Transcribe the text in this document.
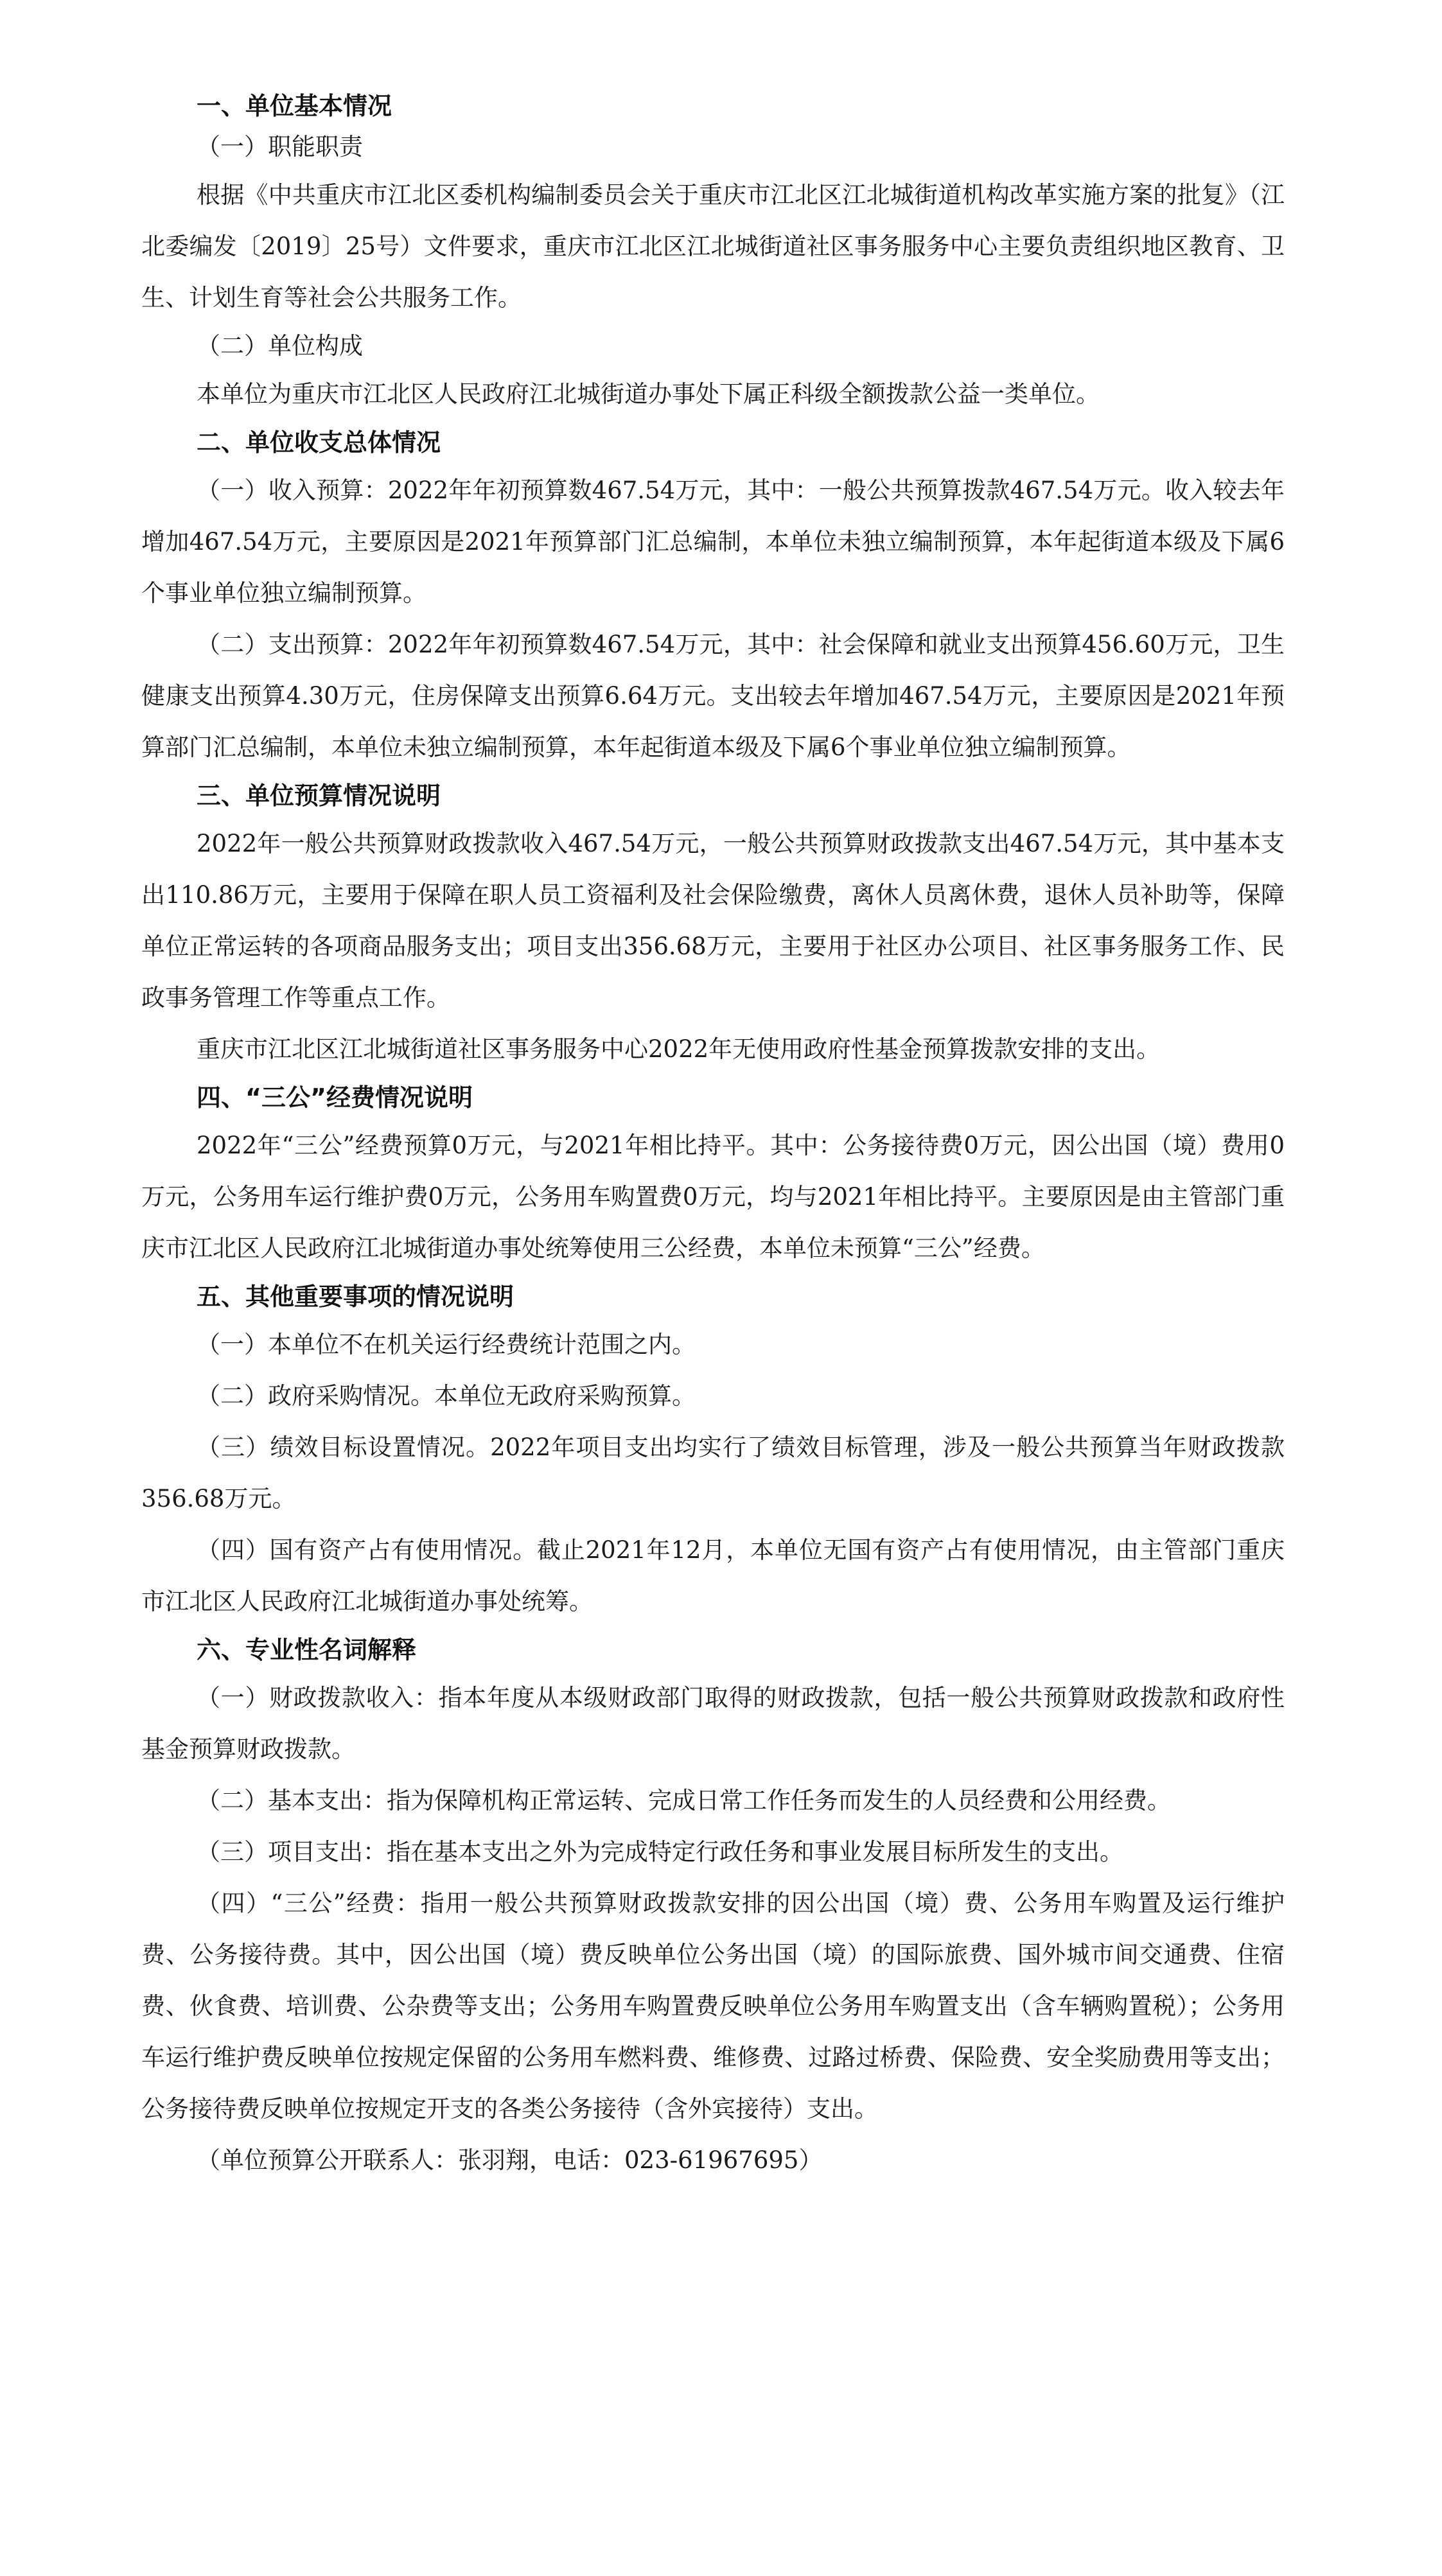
一、单位基本情况
（一）职能职责

根据《中共重庆市江北区委机构编制委员会关于重庆市江北区江北城街道机构改革实施方案的批复》（江北委编发〔2019〕25号）文件要求，重庆市江北区江北城街道社区事务服务中心主要负责组织地区教育、卫生、计划生育等社会公共服务工作。

（二）单位构成

本单位为重庆市江北区人民政府江北城街道办事处下属正科级全额拨款公益一类单位。

二、单位收支总体情况

（一）收入预算：2022年年初预算数467.54万元，其中：一般公共预算拨款467.54万元。收入较去年增加467.54万元，主要原因是2021年预算部门汇总编制，本单位未独立编制预算，本年起街道本级及下属6个事业单位独立编制预算。

（二）支出预算：2022年年初预算数467.54万元，其中：社会保障和就业支出预算456.60万元，卫生健康支出预算4.30万元，住房保障支出预算6.64万元。支出较去年增加467.54万元，主要原因是2021年预算部门汇总编制，本单位未独立编制预算，本年起街道本级及下属6个事业单位独立编制预算。

三、单位预算情况说明

2022年一般公共预算财政拨款收入467.54万元，一般公共预算财政拨款支出467.54万元，其中基本支出110.86万元，主要用于保障在职人员工资福利及社会保险缴费，离休人员离休费，退休人员补助等，保障单位正常运转的各项商品服务支出；项目支出356.68万元，主要用于社区办公项目、社区事务服务工作、民政事务管理工作等重点工作。

重庆市江北区江北城街道社区事务服务中心2022年无使用政府性基金预算拨款安排的支出。

四、“三公”经费情况说明

2022年“三公”经费预算0万元，与2021年相比持平。其中：公务接待费0万元，因公出国（境）费用0万元，公务用车运行维护费0万元，公务用车购置费0万元，均与2021年相比持平。主要原因是由主管部门重庆市江北区人民政府江北城街道办事处统筹使用三公经费，本单位未预算“三公”经费。

五、其他重要事项的情况说明

（一）本单位不在机关运行经费统计范围之内。

（二）政府采购情况。本单位无政府采购预算。

（三）绩效目标设置情况。2022年项目支出均实行了绩效目标管理，涉及一般公共预算当年财政拨款356.68万元。

（四）国有资产占有使用情况。截止2021年12月，本单位无国有资产占有使用情况，由主管部门重庆市江北区人民政府江北城街道办事处统筹。

六、专业性名词解释

（一）财政拨款收入：指本年度从本级财政部门取得的财政拨款，包括一般公共预算财政拨款和政府性基金预算财政拨款。

（二）基本支出：指为保障机构正常运转、完成日常工作任务而发生的人员经费和公用经费。

（三）项目支出：指在基本支出之外为完成特定行政任务和事业发展目标所发生的支出。

（四）“三公”经费：指用一般公共预算财政拨款安排的因公出国（境）费、公务用车购置及运行维护费、公务接待费。其中，因公出国（境）费反映单位公务出国（境）的国际旅费、国外城市间交通费、住宿费、伙食费、培训费、公杂费等支出；公务用车购置费反映单位公务用车购置支出（含车辆购置税）；公务用车运行维护费反映单位按规定保留的公务用车燃料费、维修费、过路过桥费、保险费、安全奖励费用等支出；公务接待费反映单位按规定开支的各类公务接待（含外宾接待）支出。

（单位预算公开联系人：张羽翔，电话：023-61967695）
